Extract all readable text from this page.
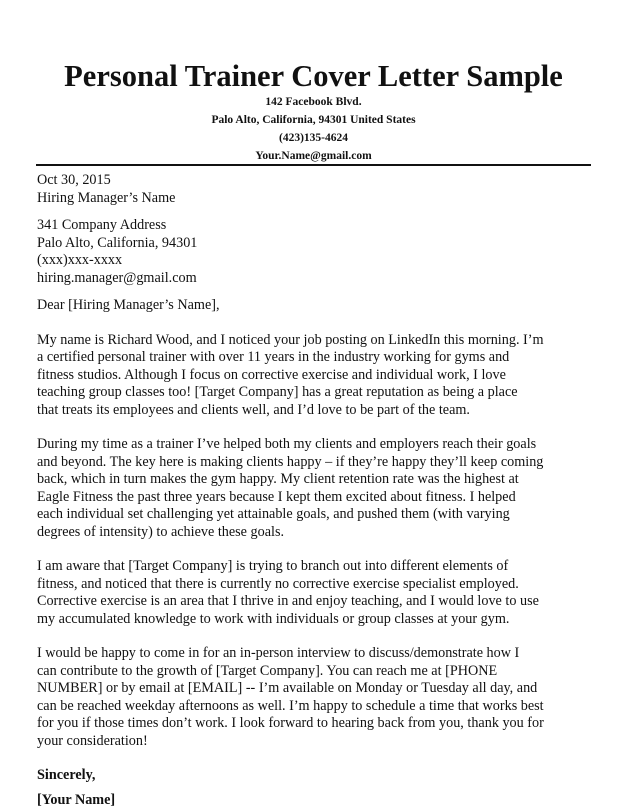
Personal Trainer Cover Letter Sample
142 Facebook Blvd.
Palo Alto, California, 94301 United States
(423)135-4624
Your.Name@gmail.com
Oct 30, 2015
Hiring Manager’s Name
341 Company Address
Palo Alto, California, 94301
(xxx)xxx-xxxx
hiring.manager@gmail.com
Dear [Hiring Manager’s Name],
My name is Richard Wood, and I noticed your job posting on LinkedIn this morning. I’m
a certified personal trainer with over 11 years in the industry working for gyms and
fitness studios. Although I focus on corrective exercise and individual work, I love
teaching group classes too! [Target Company] has a great reputation as being a place
that treats its employees and clients well, and I’d love to be part of the team.
During my time as a trainer I’ve helped both my clients and employers reach their goals
and beyond. The key here is making clients happy – if they’re happy they’ll keep coming
back, which in turn makes the gym happy. My client retention rate was the highest at
Eagle Fitness the past three years because I kept them excited about fitness. I helped
each individual set challenging yet attainable goals, and pushed them (with varying
degrees of intensity) to achieve these goals.
I am aware that [Target Company] is trying to branch out into different elements of
fitness, and noticed that there is currently no corrective exercise specialist employed.
Corrective exercise is an area that I thrive in and enjoy teaching, and I would love to use
my accumulated knowledge to work with individuals or group classes at your gym.
I would be happy to come in for an in-person interview to discuss/demonstrate how I
can contribute to the growth of [Target Company]. You can reach me at [PHONE
NUMBER] or by email at [EMAIL] -- I’m available on Monday or Tuesday all day, and
can be reached weekday afternoons as well. I’m happy to schedule a time that works best
for you if those times don’t work. I look forward to hearing back from you, thank you for
your consideration!
Sincerely,
[Your Name]
